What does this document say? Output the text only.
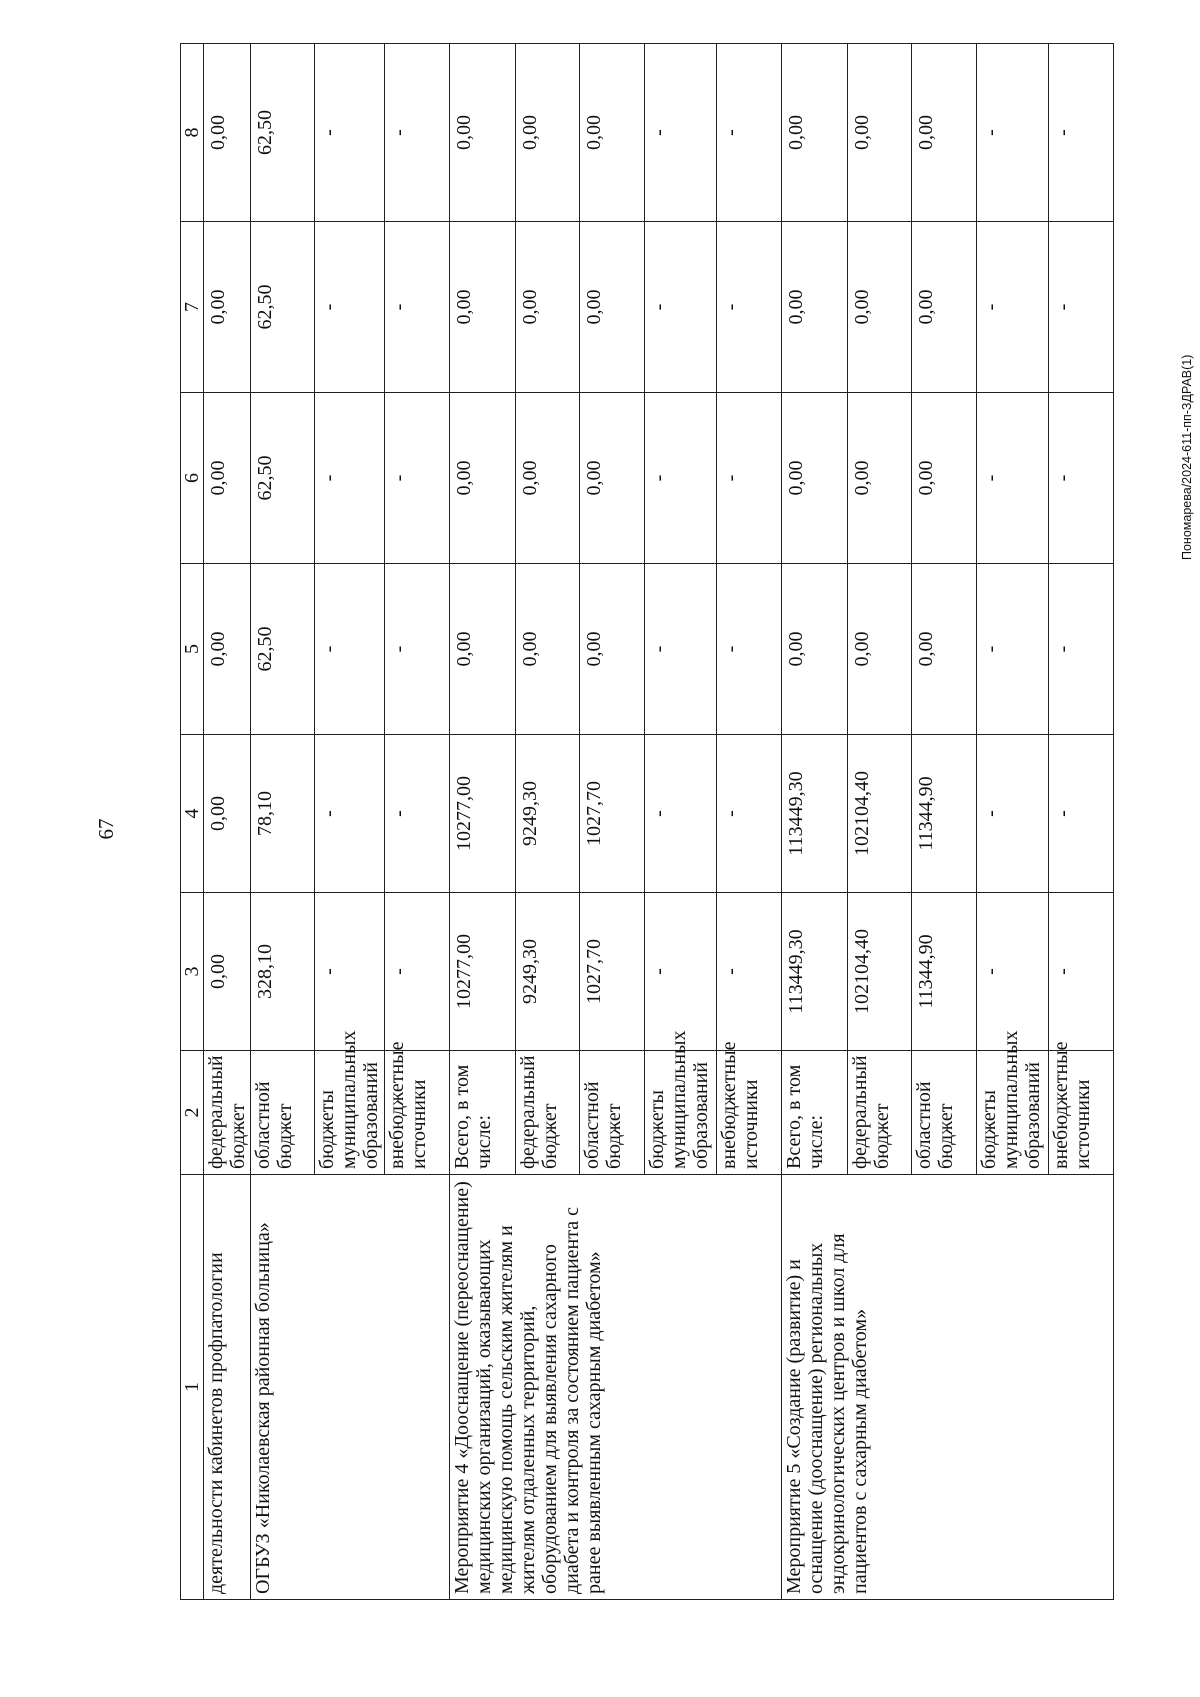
67
Пономарева/2024-611-пп-ЗДРАВ(1)
1	2	3	4	5	6	7	8
деятельности кабинетов профпатологии	федеральный бюджет	0,00	0,00	0,00	0,00	0,00	0,00
ОГБУЗ «Николаевская районная больница»	областной бюджет	328,10	78,10	62,50	62,50	62,50	62,50
	бюджеты муниципальных образований	-	-	-	-	-	-
	внебюджетные источники	-	-	-	-	-	-
Мероприятие 4 «Дооснащение (переоснащение) медицинских организаций, оказывающих медицинскую помощь сельским жителям и жителям отдаленных территорий, оборудованием для выявления сахарного диабета и контроля за состоянием пациента с ранее выявленным сахарным диабетом»	Всего, в том числе:	10277,00	10277,00	0,00	0,00	0,00	0,00
	федеральный бюджет	9249,30	9249,30	0,00	0,00	0,00	0,00
	областной бюджет	1027,70	1027,70	0,00	0,00	0,00	0,00
	бюджеты муниципальных образований	-	-	-	-	-	-
	внебюджетные источники	-	-	-	-	-	-
Мероприятие 5 «Создание (развитие) и оснащение (дооснащение) региональных эндокринологических центров и школ для пациентов с сахарным диабетом»	Всего, в том числе:	113449,30	113449,30	0,00	0,00	0,00	0,00
	федеральный бюджет	102104,40	102104,40	0,00	0,00	0,00	0,00
	областной бюджет	11344,90	11344,90	0,00	0,00	0,00	0,00
	бюджеты муниципальных образований	-	-	-	-	-	-
	внебюджетные источники	-	-	-	-	-	-
